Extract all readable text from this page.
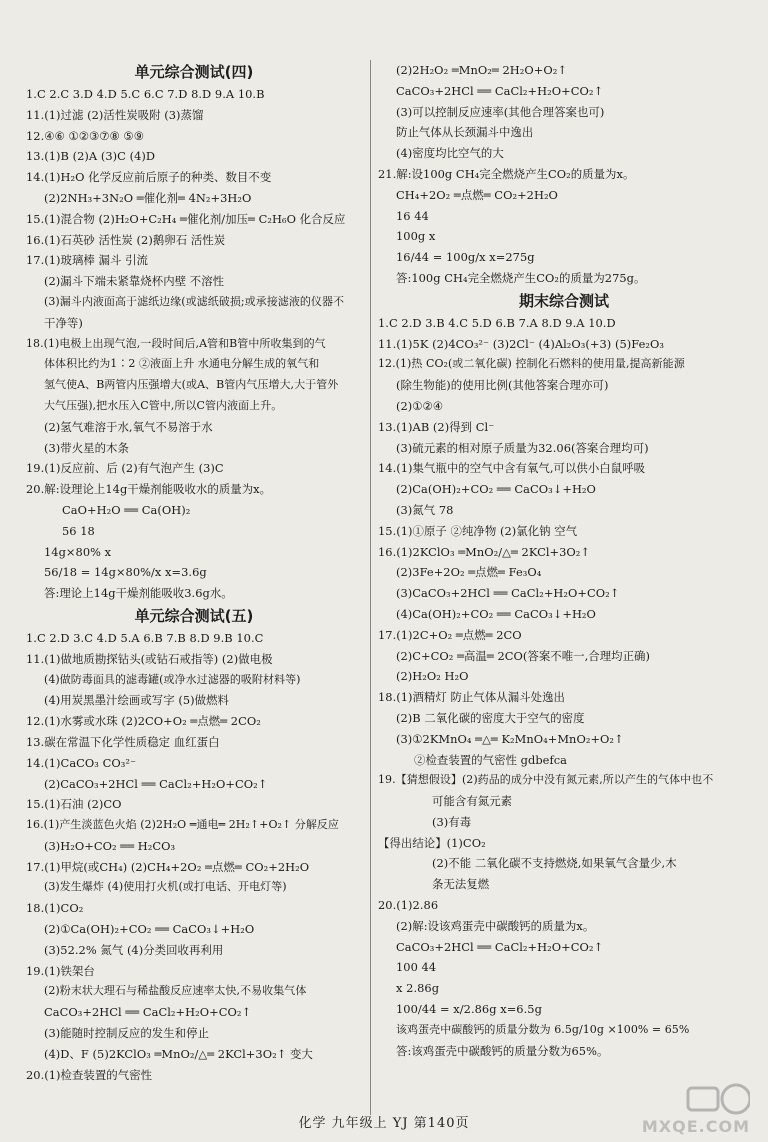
单元综合测试(四)

1.C 2.C 3.D 4.D 5.C 6.C 7.D 8.D 9.A 10.B

11.(1)过滤 (2)活性炭吸附 (3)蒸馏

12.④⑥ ①②③⑦⑧ ⑤⑨

13.(1)B (2)A (3)C (4)D

14.(1)H₂O 化学反应前后原子的种类、数目不变

(2)2NH₃+3N₂O ═催化剂═ 4N₂+3H₂O

15.(1)混合物 (2)H₂O+C₂H₄ ═催化剂/加压═ C₂H₆O 化合反应

16.(1)石英砂 活性炭 (2)鹅卵石 活性炭

17.(1)玻璃棒 漏斗 引流

(2)漏斗下端未紧靠烧杯内壁 不溶性

(3)漏斗内液面高于滤纸边缘(或滤纸破损;或承接滤液的仪器不

干净等)

18.(1)电极上出现气泡,一段时间后,A管和B管中所收集到的气

体体积比约为1∶2 ②液面上升 水通电分解生成的氧气和

氢气使A、B两管内压强增大(或A、B管内气压增大,大于管外

大气压强),把水压入C管中,所以C管内液面上升。

(2)氢气难溶于水,氧气不易溶于水

(3)带火星的木条

19.(1)反应前、后 (2)有气泡产生 (3)C

20.解:设理论上14g干燥剂能吸收水的质量为x。

CaO+H₂O ══ Ca(OH)₂

56 18

14g×80% x

56/18 = 14g×80%/x x=3.6g

答:理论上14g干燥剂能吸收3.6g水。

单元综合测试(五)

1.C 2.D 3.C 4.D 5.A 6.B 7.B 8.D 9.B 10.C

11.(1)做地质勘探钻头(或钻石戒指等) (2)做电极

(4)做防毒面具的滤毒罐(或净水过滤器的吸附材料等)

(4)用炭黑墨汁绘画或写字 (5)做燃料

12.(1)水雾或水珠 (2)2CO+O₂ ═点燃═ 2CO₂

13.碳在常温下化学性质稳定 血红蛋白

14.(1)CaCO₃ CO₃²⁻

(2)CaCO₃+2HCl ══ CaCl₂+H₂O+CO₂↑

15.(1)石油 (2)CO

16.(1)产生淡蓝色火焰 (2)2H₂O ═通电═ 2H₂↑+O₂↑ 分解反应

(3)H₂O+CO₂ ══ H₂CO₃

17.(1)甲烷(或CH₄) (2)CH₄+2O₂ ═点燃═ CO₂+2H₂O

(3)发生爆炸 (4)使用打火机(或打电话、开电灯等)

18.(1)CO₂

(2)①Ca(OH)₂+CO₂ ══ CaCO₃↓+H₂O

(3)52.2% 氮气 (4)分类回收再利用

19.(1)铁架台

(2)粉末状大理石与稀盐酸反应速率太快,不易收集气体

CaCO₃+2HCl ══ CaCl₂+H₂O+CO₂↑

(3)能随时控制反应的发生和停止

(4)D、F (5)2KClO₃ ═MnO₂/△═ 2KCl+3O₂↑ 变大

20.(1)检查装置的气密性

(2)2H₂O₂ ═MnO₂═ 2H₂O+O₂↑

CaCO₃+2HCl ══ CaCl₂+H₂O+CO₂↑

(3)可以控制反应速率(其他合理答案也可)

防止气体从长颈漏斗中逸出

(4)密度均比空气的大

21.解:设100g CH₄完全燃烧产生CO₂的质量为x。

CH₄+2O₂ ═点燃═ CO₂+2H₂O

16 44

100g x

16/44 = 100g/x x=275g

答:100g CH₄完全燃烧产生CO₂的质量为275g。

期末综合测试

1.C 2.D 3.B 4.C 5.D 6.B 7.A 8.D 9.A 10.D

11.(1)5K (2)4CO₃²⁻ (3)2Cl⁻ (4)Al₂O₃(+3) (5)Fe₂O₃

12.(1)热 CO₂(或二氧化碳) 控制化石燃料的使用量,提高新能源

(除生物能)的使用比例(其他答案合理亦可)

(2)①②④

13.(1)AB (2)得到 Cl⁻

(3)硫元素的相对原子质量为32.06(答案合理均可)

14.(1)集气瓶中的空气中含有氧气,可以供小白鼠呼吸

(2)Ca(OH)₂+CO₂ ══ CaCO₃↓+H₂O

(3)氮气 78

15.(1)①原子 ②纯净物 (2)氯化钠 空气

16.(1)2KClO₃ ═MnO₂/△═ 2KCl+3O₂↑

(2)3Fe+2O₂ ═点燃═ Fe₃O₄

(3)CaCO₃+2HCl ══ CaCl₂+H₂O+CO₂↑

(4)Ca(OH)₂+CO₂ ══ CaCO₃↓+H₂O

17.(1)2C+O₂ ═点燃═ 2CO

(2)C+CO₂ ═高温═ 2CO(答案不唯一,合理均正确)

(2)H₂O₂ H₂O

18.(1)酒精灯 防止气体从漏斗处逸出

(2)B 二氧化碳的密度大于空气的密度

(3)①2KMnO₄ ═△═ K₂MnO₄+MnO₂+O₂↑

②检查装置的气密性 gdbefca

19.【猜想假设】(2)药品的成分中没有氮元素,所以产生的气体中也不

可能含有氮元素

(3)有毒

【得出结论】(1)CO₂

(2)不能 二氧化碳不支持燃烧,如果氧气含量少,木

条无法复燃

20.(1)2.86

(2)解:设该鸡蛋壳中碳酸钙的质量为x。

CaCO₃+2HCl ══ CaCl₂+H₂O+CO₂↑

100 44

x 2.86g

100/44 = x/2.86g x=6.5g

该鸡蛋壳中碳酸钙的质量分数为 6.5g/10g ×100% = 65%

答:该鸡蛋壳中碳酸钙的质量分数为65%。

化学 九年级上 YJ 第140页	MXQE.COM
